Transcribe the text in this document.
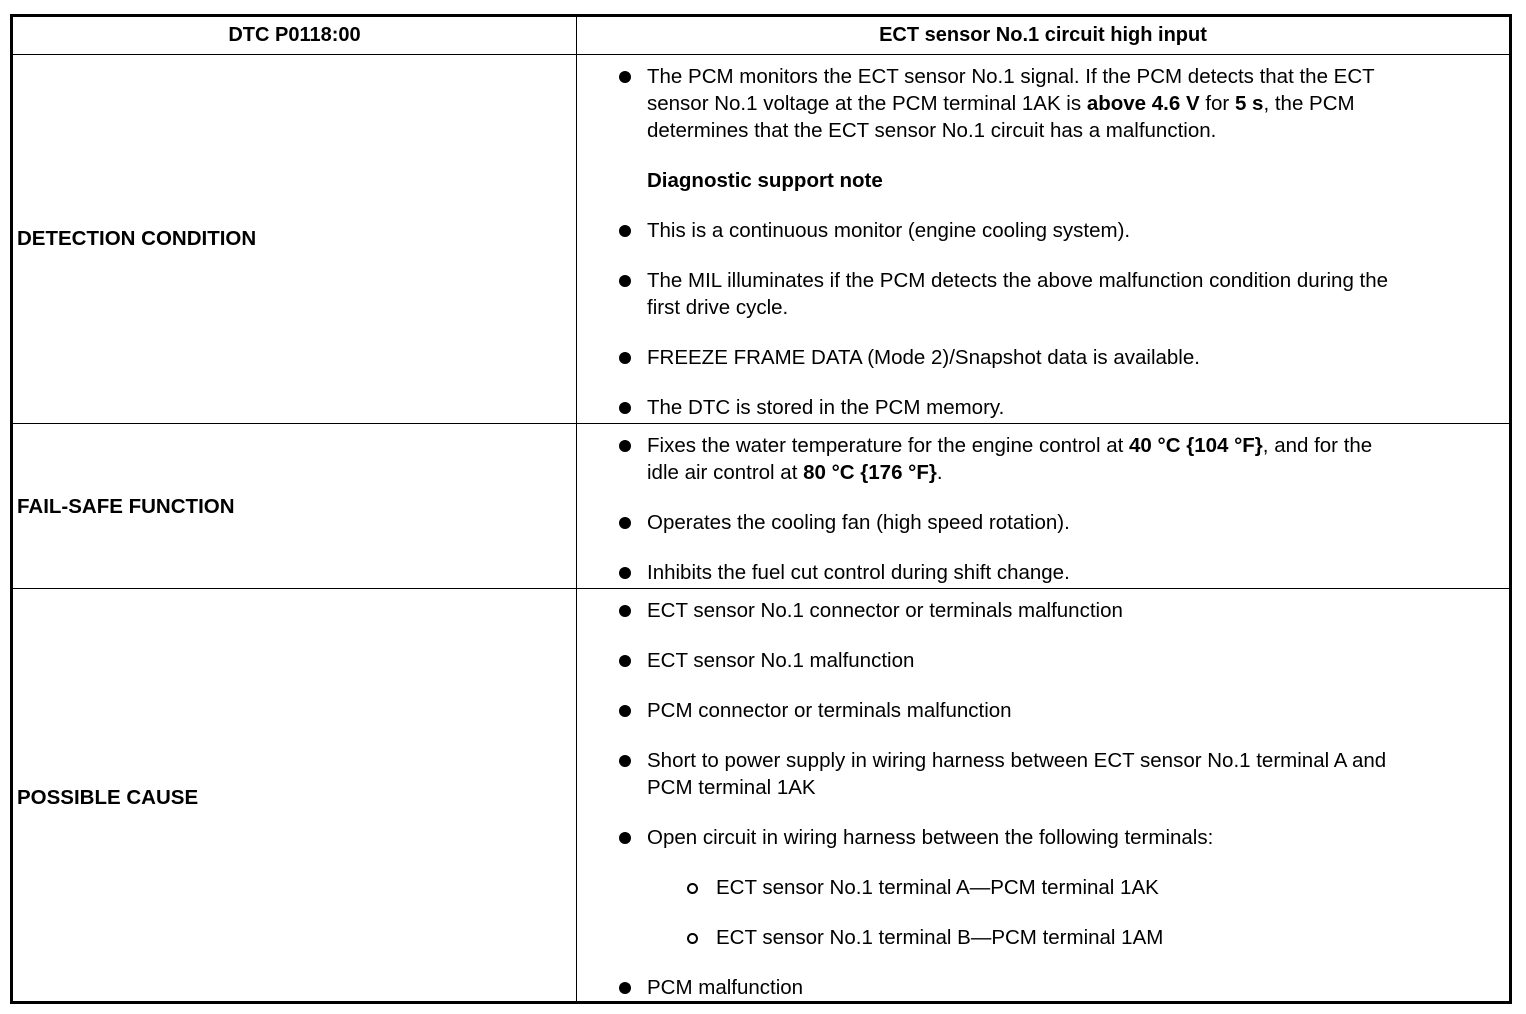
DTC P0118:00	ECT sensor No.1 circuit high input
DETECTION CONDITION
FAIL-SAFE FUNCTION
POSSIBLE CAUSE
The PCM monitors the ECT sensor No.1 signal. If the PCM detects that the ECT
sensor No.1 voltage at the PCM terminal 1AK is above 4.6 V for 5 s, the PCM
determines that the ECT sensor No.1 circuit has a malfunction.
Diagnostic support note
This is a continuous monitor (engine cooling system).
The MIL illuminates if the PCM detects the above malfunction condition during the
first drive cycle.
FREEZE FRAME DATA (Mode 2)/Snapshot data is available.
The DTC is stored in the PCM memory.
Fixes the water temperature for the engine control at 40 °C {104 °F}, and for the
idle air control at 80 °C {176 °F}.
Operates the cooling fan (high speed rotation).
Inhibits the fuel cut control during shift change.
ECT sensor No.1 connector or terminals malfunction
ECT sensor No.1 malfunction
PCM connector or terminals malfunction
Short to power supply in wiring harness between ECT sensor No.1 terminal A and
PCM terminal 1AK
Open circuit in wiring harness between the following terminals:
ECT sensor No.1 terminal A—PCM terminal 1AK
ECT sensor No.1 terminal B—PCM terminal 1AM
PCM malfunction
